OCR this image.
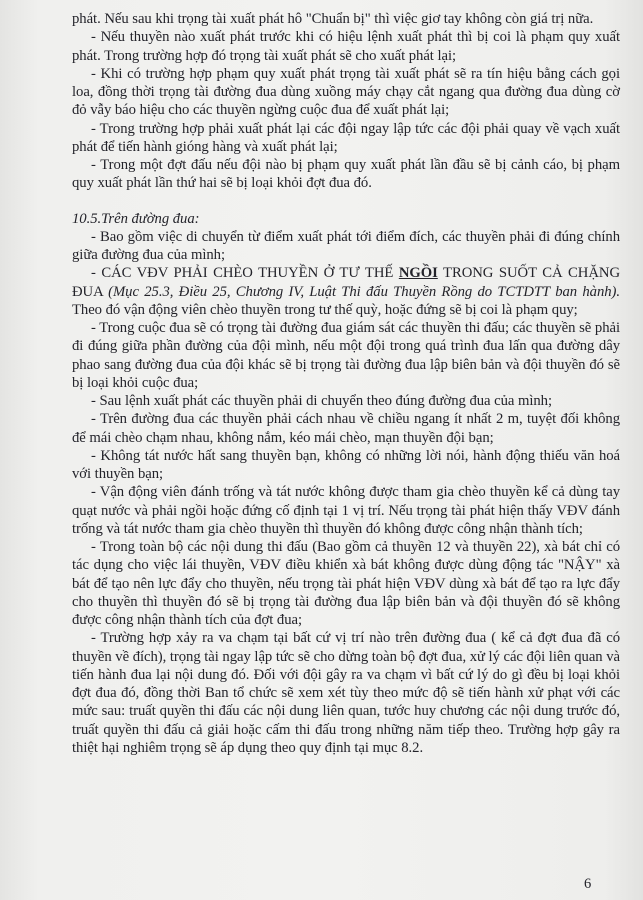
phát. Nếu sau khi trọng tài xuất phát hô "Chuẩn bị" thì việc giơ tay không còn giá trị nữa.

- Nếu thuyền nào xuất phát trước khi có hiệu lệnh xuất phát thì bị coi là phạm quy xuất phát. Trong trường hợp đó trọng tài xuất phát sẽ cho xuất phát lại;

- Khi có trường hợp phạm quy xuất phát trọng tài xuất phát sẽ ra tín hiệu bằng cách gọi loa, đồng thời trọng tài đường đua dùng xuồng máy chạy cắt ngang qua đường đua dùng cờ đỏ vẫy báo hiệu cho các thuyền ngừng cuộc đua để xuất phát lại;

- Trong trường hợp phải xuất phát lại các đội ngay lập tức các đội phải quay về vạch xuất phát để tiến hành gióng hàng và xuất phát lại;

- Trong một đợt đấu nếu đội nào bị phạm quy xuất phát lần đầu sẽ bị cảnh cáo, bị phạm quy xuất phát lần thứ hai sẽ bị loại khỏi đợt đua đó.

10.5.Trên đường đua:

- Bao gồm việc di chuyển từ điểm xuất phát tới điểm đích, các thuyền phải đi đúng chính giữa đường đua của mình;

- CÁC VĐV PHẢI CHÈO THUYỀN Ở TƯ THẾ NGỒI TRONG SUỐT CẢ CHẶNG ĐUA (Mục 25.3, Điều 25, Chương IV, Luật Thi đấu Thuyền Rồng do TCTDTT ban hành). Theo đó vận động viên chèo thuyền trong tư thế quỳ, hoặc đứng sẽ bị coi là phạm quy;

- Trong cuộc đua sẽ có trọng tài đường đua giám sát các thuyền thi đấu; các thuyền sẽ phải đi đúng giữa phần đường của đội mình, nếu một đội trong quá trình đua lấn qua đường dây phao sang đường đua của đội khác sẽ bị trọng tài đường đua lập biên bản và đội thuyền đó sẽ bị loại khỏi cuộc đua;

- Sau lệnh xuất phát các thuyền phải di chuyển theo đúng đường đua của mình;

- Trên đường đua các thuyền phải cách nhau về chiều ngang ít nhất 2 m, tuyệt đối không để mái chèo chạm nhau, không nắm, kéo mái chèo, mạn thuyền đội bạn;

- Không tát nước hất sang thuyền bạn, không có những lời nói, hành động thiếu văn hoá với thuyền bạn;

- Vận động viên đánh trống và tát nước không được tham gia chèo thuyền kể cả dùng tay quạt nước và phải ngồi hoặc đứng cố định tại 1 vị trí. Nếu trọng tài phát hiện thấy VĐV đánh trống và tát nước tham gia chèo thuyền thì thuyền đó không được công nhận thành tích;

- Trong toàn bộ các nội dung thi đấu (Bao gồm cả thuyền 12 và thuyền 22), xà bát chỉ có tác dụng cho việc lái thuyền, VĐV điều khiển xà bát không được dùng động tác "NẬY" xà bát để tạo nên lực đẩy cho thuyền, nếu trọng tài phát hiện VĐV dùng xà bát để tạo ra lực đẩy cho thuyền thì thuyền đó sẽ bị trọng tài đường đua lập biên bản và đội thuyền đó sẽ không được công nhận thành tích của đợt đua;

- Trường hợp xảy ra va chạm tại bất cứ vị trí nào trên đường đua ( kể cả đợt đua đã có thuyền về đích), trọng tài ngay lập tức sẽ cho dừng toàn bộ đợt đua, xử lý các đội liên quan và tiến hành đua lại nội dung đó. Đối với đội gây ra va chạm vì bất cứ lý do gì đều bị loại khỏi đợt đua đó, đồng thời Ban tổ chức sẽ xem xét tùy theo mức độ sẽ tiến hành xử phạt với các mức sau: truất quyền thi đấu các nội dung liên quan, tước huy chương các nội dung trước đó, truất quyền thi đấu cả giải hoặc cấm thi đấu trong những năm tiếp theo. Trường hợp gây ra thiệt hại nghiêm trọng sẽ áp dụng theo quy định tại mục 8.2.

6
